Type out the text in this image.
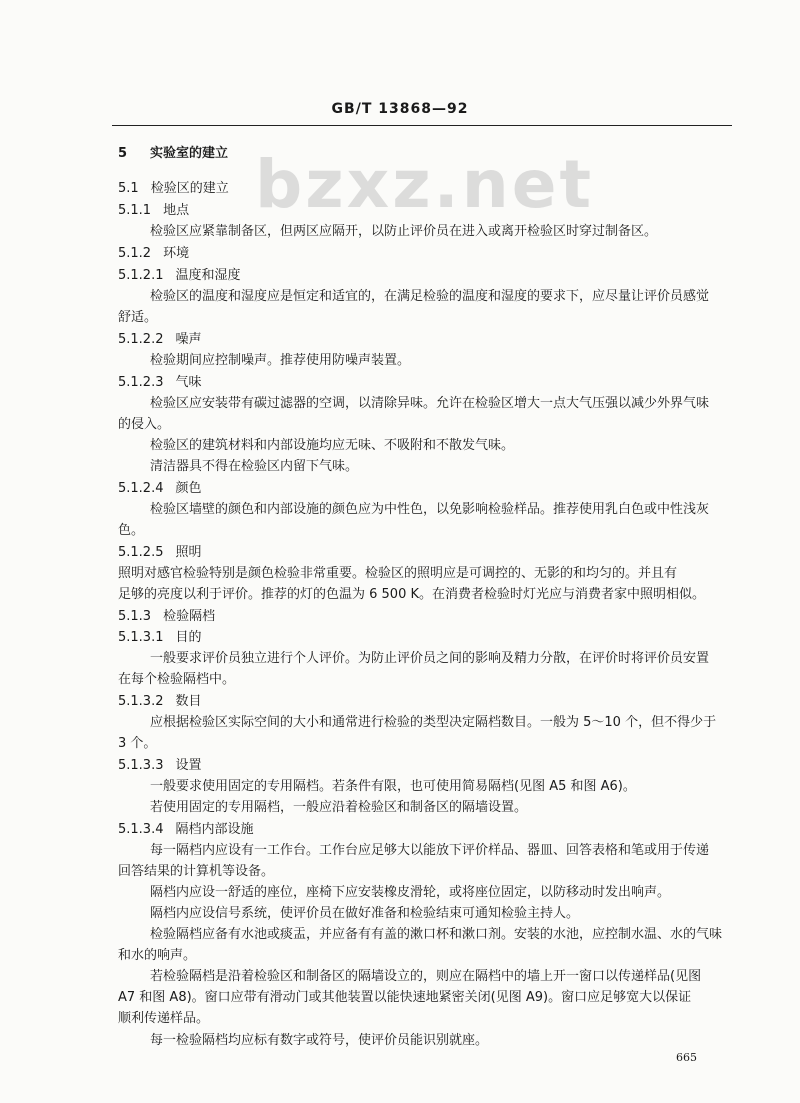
GB/T 13868—92
bzxz.net
5 实验室的建立
5.1 检验区的建立
5.1.1 地点
检验区应紧靠制备区，但两区应隔开，以防止评价员在进入或离开检验区时穿过制备区。
5.1.2 环境
5.1.2.1 温度和湿度
检验区的温度和湿度应是恒定和适宜的，在满足检验的温度和湿度的要求下，应尽量让评价员感觉
舒适。
5.1.2.2 噪声
检验期间应控制噪声。推荐使用防噪声装置。
5.1.2.3 气味
检验区应安装带有碳过滤器的空调，以清除异味。允许在检验区增大一点大气压强以减少外界气味
的侵入。
检验区的建筑材料和内部设施均应无味、不吸附和不散发气味。
清洁器具不得在检验区内留下气味。
5.1.2.4 颜色
检验区墙壁的颜色和内部设施的颜色应为中性色，以免影响检验样品。推荐使用乳白色或中性浅灰
色。
5.1.2.5 照明
照明对感官检验特别是颜色检验非常重要。检验区的照明应是可调控的、无影的和均匀的。并且有
足够的亮度以利于评价。推荐的灯的色温为 6 500 K。在消费者检验时灯光应与消费者家中照明相似。
5.1.3 检验隔档
5.1.3.1 目的
一般要求评价员独立进行个人评价。为防止评价员之间的影响及精力分散，在评价时将评价员安置
在每个检验隔档中。
5.1.3.2 数目
应根据检验区实际空间的大小和通常进行检验的类型决定隔档数目。一般为 5～10 个，但不得少于
3 个。
5.1.3.3 设置
一般要求使用固定的专用隔档。若条件有限，也可使用简易隔档(见图 A5 和图 A6)。
若使用固定的专用隔档，一般应沿着检验区和制备区的隔墙设置。
5.1.3.4 隔档内部设施
每一隔档内应设有一工作台。工作台应足够大以能放下评价样品、器皿、回答表格和笔或用于传递
回答结果的计算机等设备。
隔档内应设一舒适的座位，座椅下应安装橡皮滑轮，或将座位固定，以防移动时发出响声。
隔档内应设信号系统，使评价员在做好准备和检验结束可通知检验主持人。
检验隔档应备有水池或痰盂，并应备有有盖的漱口杯和漱口剂。安装的水池，应控制水温、水的气味
和水的响声。
若检验隔档是沿着检验区和制备区的隔墙设立的，则应在隔档中的墙上开一窗口以传递样品(见图
A7 和图 A8)。窗口应带有滑动门或其他装置以能快速地紧密关闭(见图 A9)。窗口应足够宽大以保证
顺利传递样品。
每一检验隔档均应标有数字或符号，使评价员能识别就座。
665
